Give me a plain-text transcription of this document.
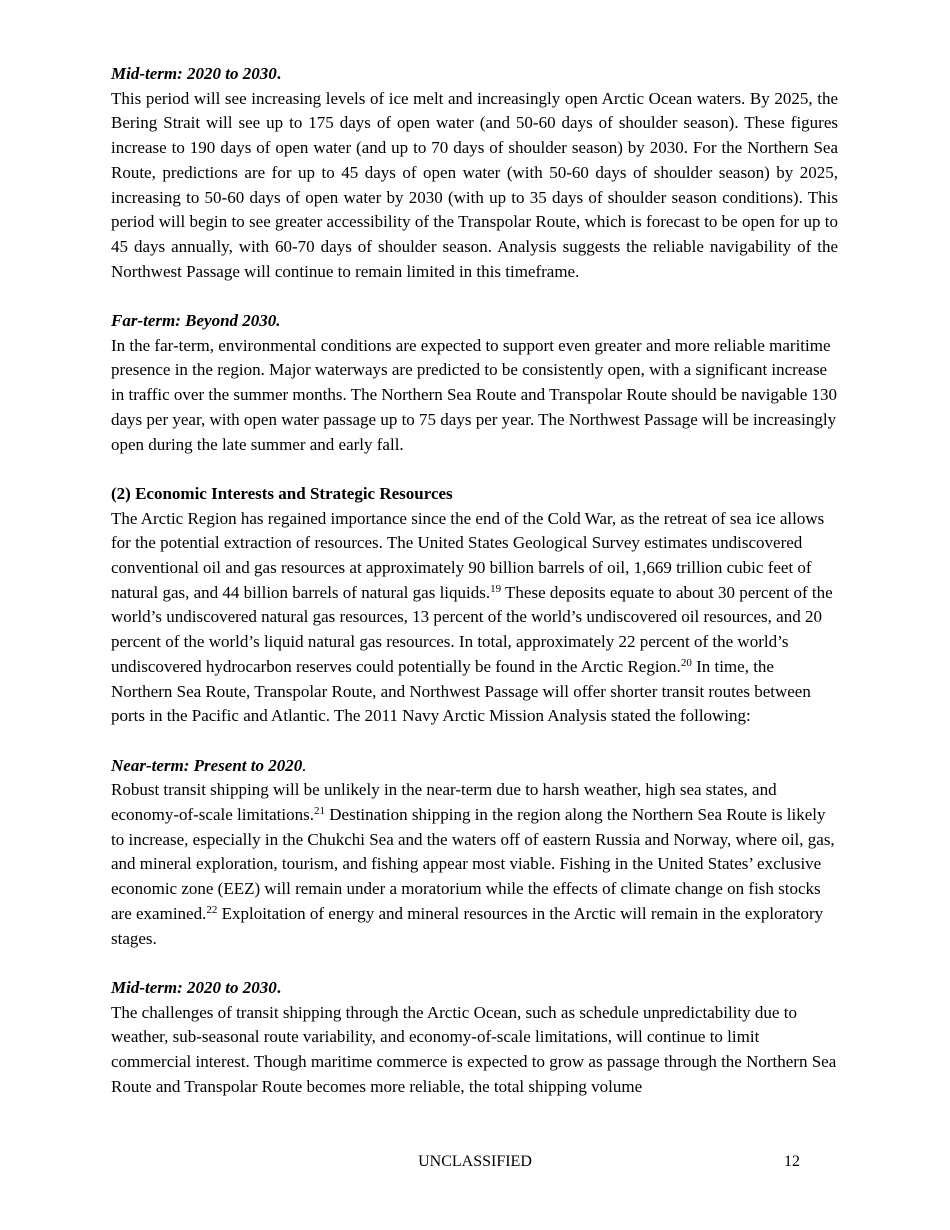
Mid-term: 2020 to 2030.

This period will see increasing levels of ice melt and increasingly open Arctic Ocean waters. By 2025, the Bering Strait will see up to 175 days of open water (and 50-60 days of shoulder season). These figures increase to 190 days of open water (and up to 70 days of shoulder season) by 2030. For the Northern Sea Route, predictions are for up to 45 days of open water (with 50-60 days of shoulder season) by 2025, increasing to 50-60 days of open water by 2030 (with up to 35 days of shoulder season conditions). This period will begin to see greater accessibility of the Transpolar Route, which is forecast to be open for up to 45 days annually, with 60-70 days of shoulder season. Analysis suggests the reliable navigability of the Northwest Passage will continue to remain limited in this timeframe.

Far-term: Beyond 2030.

In the far-term, environmental conditions are expected to support even greater and more reliable maritime presence in the region. Major waterways are predicted to be consistently open, with a significant increase in traffic over the summer months. The Northern Sea Route and Transpolar Route should be navigable 130 days per year, with open water passage up to 75 days per year. The Northwest Passage will be increasingly open during the late summer and early fall.

(2) Economic Interests and Strategic Resources

The Arctic Region has regained importance since the end of the Cold War, as the retreat of sea ice allows for the potential extraction of resources. The United States Geological Survey estimates undiscovered conventional oil and gas resources at approximately 90 billion barrels of oil, 1,669 trillion cubic feet of natural gas, and 44 billion barrels of natural gas liquids.$^{19}$ These deposits equate to about 30 percent of the world’s undiscovered natural gas resources, 13 percent of the world’s undiscovered oil resources, and 20 percent of the world’s liquid natural gas resources. In total, approximately 22 percent of the world’s undiscovered hydrocarbon reserves could potentially be found in the Arctic Region.$^{20}$ In time, the Northern Sea Route, Transpolar Route, and Northwest Passage will offer shorter transit routes between ports in the Pacific and Atlantic. The 2011 Navy Arctic Mission Analysis stated the following:

Near-term: Present to 2020.

Robust transit shipping will be unlikely in the near-term due to harsh weather, high sea states, and economy-of-scale limitations.$^{21}$ Destination shipping in the region along the Northern Sea Route is likely to increase, especially in the Chukchi Sea and the waters off of eastern Russia and Norway, where oil, gas, and mineral exploration, tourism, and fishing appear most viable. Fishing in the United States’ exclusive economic zone (EEZ) will remain under a moratorium while the effects of climate change on fish stocks are examined.$^{22}$ Exploitation of energy and mineral resources in the Arctic will remain in the exploratory stages.

Mid-term: 2020 to 2030.

The challenges of transit shipping through the Arctic Ocean, such as schedule unpredictability due to weather, sub-seasonal route variability, and economy-of-scale limitations, will continue to limit commercial interest. Though maritime commerce is expected to grow as passage through the Northern Sea Route and Transpolar Route becomes more reliable, the total shipping volume

UNCLASSIFIED	12
